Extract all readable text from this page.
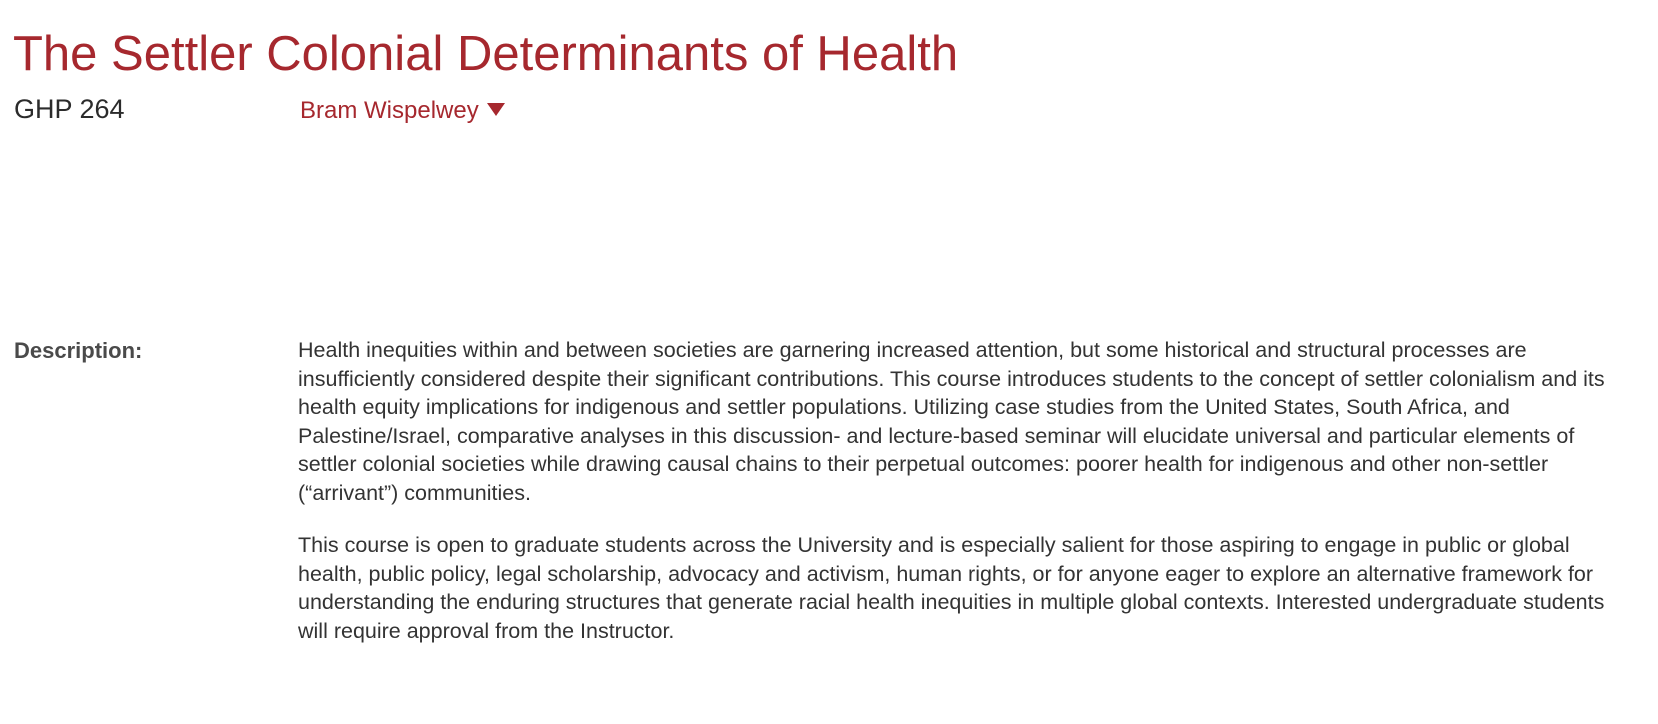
The Settler Colonial Determinants of Health
GHP 264	Bram Wispelwey
Description:	Health inequities within and between societies are garnering increased attention, but some historical and structural processes are insufficiently considered despite their significant contributions. This course introduces students to the concept of settler colonialism and its health equity implications for indigenous and settler populations. Utilizing case studies from the United States, South Africa, and Palestine/Israel, comparative analyses in this discussion- and lecture-based seminar will elucidate universal and particular elements of settler colonial societies while drawing causal chains to their perpetual outcomes: poorer health for indigenous and other non-settler (“arrivant”) communities.

This course is open to graduate students across the University and is especially salient for those aspiring to engage in public or global health, public policy, legal scholarship, advocacy and activism, human rights, or for anyone eager to explore an alternative framework for understanding the enduring structures that generate racial health inequities in multiple global contexts. Interested undergraduate students will require approval from the Instructor.
